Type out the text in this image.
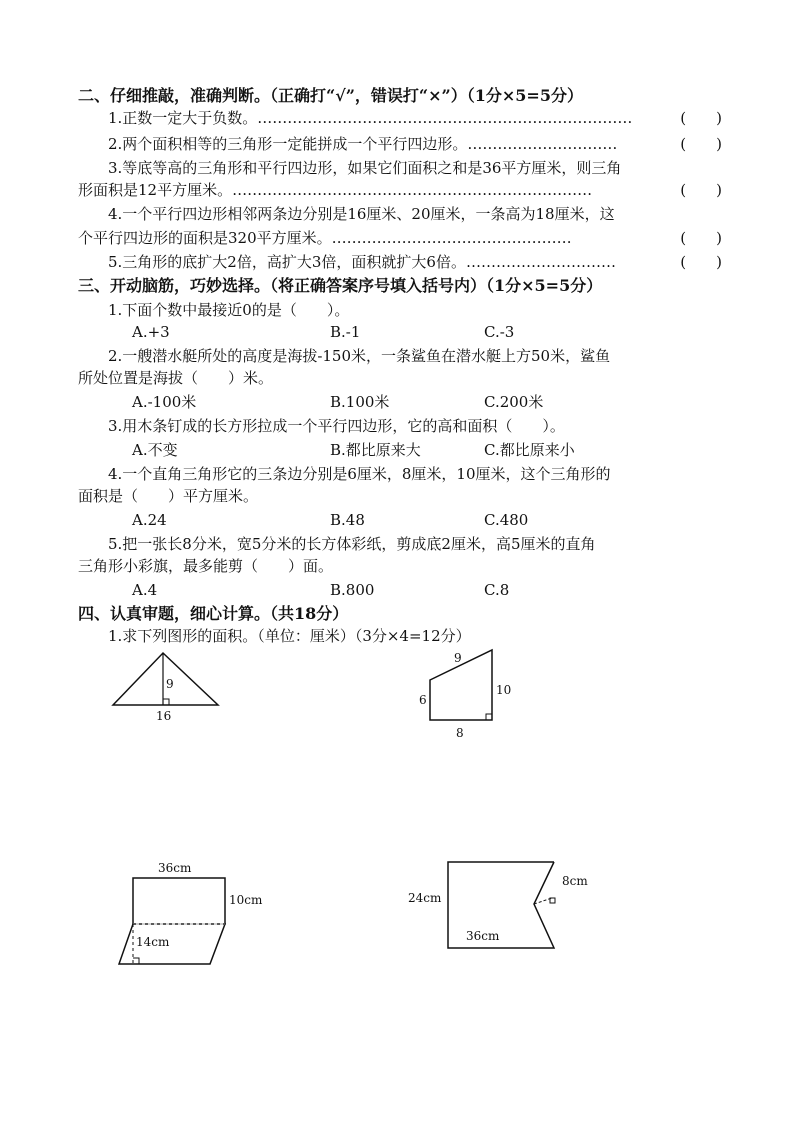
二、仔细推敲，准确判断。（正确打“√”，错误打“×”）（1分×5=5分）
1.正数一定大于负数。…………………………………………………………………	(　　)
2.两个面积相等的三角形一定能拼成一个平行四边形。…………………………	(　　)
3.等底等高的三角形和平行四边形，如果它们面积之和是36平方厘米，则三角
形面积是12平方厘米。………………………………………………………………	(　　)
4.一个平行四边形相邻两条边分别是16厘米、20厘米，一条高为18厘米，这
个平行四边形的面积是320平方厘米。…………………………………………	(　　)
5.三角形的底扩大2倍，高扩大3倍，面积就扩大6倍。…………………………	(　　)
三、开动脑筋，巧妙选择。（将正确答案序号填入括号内）（1分×5=5分）
1.下面个数中最接近0的是（　　）。
A.+3	B.-1	C.-3
2.一艘潜水艇所处的高度是海拔-150米，一条鲨鱼在潜水艇上方50米，鲨鱼
所处位置是海拔（　　）米。
A.-100米	B.100米	C.200米
3.用木条钉成的长方形拉成一个平行四边形，它的高和面积（　　）。
A.不变	B.都比原来大	C.都比原来小
4.一个直角三角形它的三条边分别是6厘米，8厘米，10厘米，这个三角形的
面积是（　　）平方厘米。
A.24	B.48	C.480
5.把一张长8分米，宽5分米的长方体彩纸，剪成底2厘米，高5厘米的直角
三角形小彩旗，最多能剪（　　）面。
A.4	B.800	C.8
四、认真审题，细心计算。（共18分）
1.求下列图形的面积。（单位：厘米）（3分×4=12分）
9
16
9
6
10
8
36cm
10cm
14cm
24cm
36cm
8cm
